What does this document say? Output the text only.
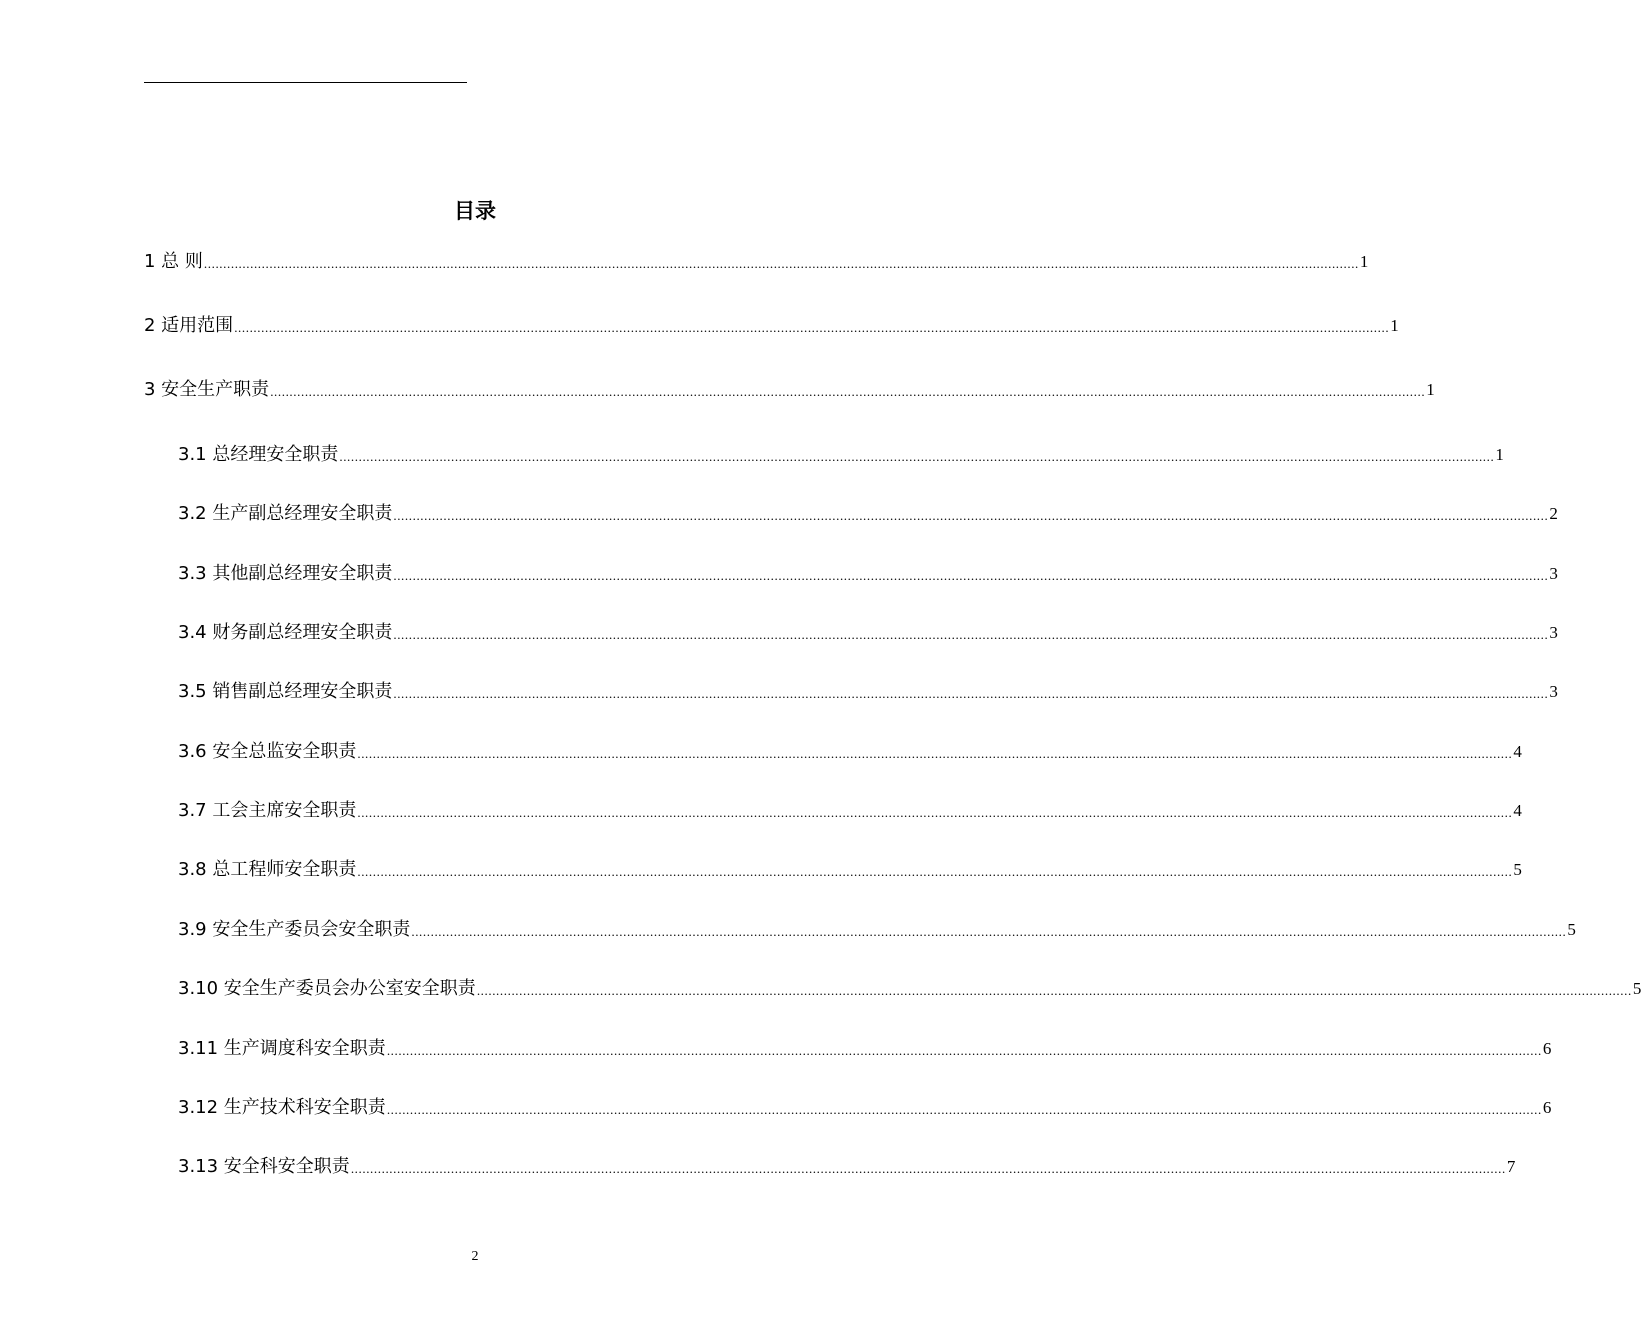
目录
1 总 则 ............................................................................................................................................................................................................................................................................................................ 1
2 适用范围 ............................................................................................................................................................................................................................................................................................................ 1
3 安全生产职责 ............................................................................................................................................................................................................................................................................................................ 1
3.1 总经理安全职责 ............................................................................................................................................................................................................................................................................................................ 1
3.2 生产副总经理安全职责 ............................................................................................................................................................................................................................................................................................................ 2
3.3 其他副总经理安全职责 ............................................................................................................................................................................................................................................................................................................ 3
3.4 财务副总经理安全职责 ............................................................................................................................................................................................................................................................................................................ 3
3.5 销售副总经理安全职责 ............................................................................................................................................................................................................................................................................................................ 3
3.6 安全总监安全职责 ............................................................................................................................................................................................................................................................................................................ 4
3.7 工会主席安全职责 ............................................................................................................................................................................................................................................................................................................ 4
3.8 总工程师安全职责 ............................................................................................................................................................................................................................................................................................................ 5
3.9 安全生产委员会安全职责 ............................................................................................................................................................................................................................................................................................................ 5
3.10 安全生产委员会办公室安全职责 ............................................................................................................................................................................................................................................................................................................ 5
3.11 生产调度科安全职责 ............................................................................................................................................................................................................................................................................................................ 6
3.12 生产技术科安全职责 ............................................................................................................................................................................................................................................................................................................ 6
3.13 安全科安全职责 ............................................................................................................................................................................................................................................................................................................ 7
2
